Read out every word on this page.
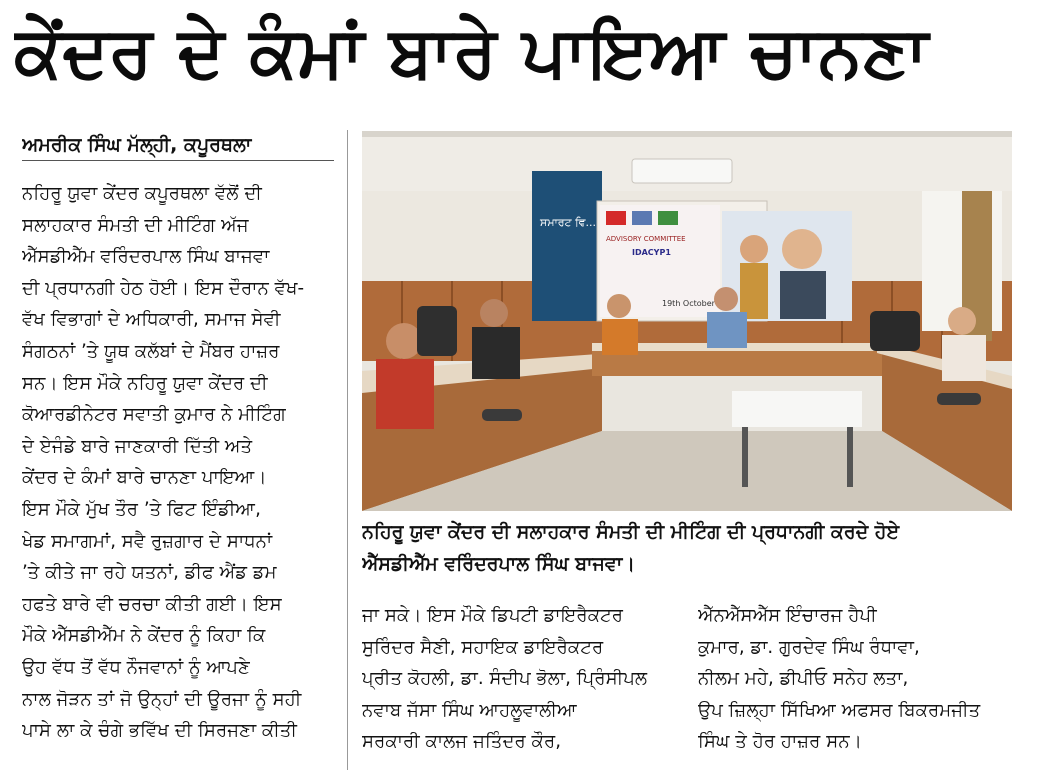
ਕੇਂਦਰ ਦੇ ਕੰਮਾਂ ਬਾਰੇ ਪਾਇਆ ਚਾਨਣਾ
ਅਮਰੀਕ ਸਿੰਘ ਮੱਲ੍ਹੀ, ਕਪੂਰਥਲਾ
ਨਹਿਰੂ ਯੁਵਾ ਕੇਂਦਰ ਕਪੂਰਥਲਾ ਵੱਲੋਂ ਦੀ
ਸਲਾਹਕਾਰ ਸੰਮਤੀ ਦੀ ਮੀਟਿੰਗ ਅੱਜ
ਐੱਸਡੀਐੱਮ ਵਰਿੰਦਰਪਾਲ ਸਿੰਘ ਬਾਜਵਾ
ਦੀ ਪ੍ਰਧਾਨਗੀ ਹੇਠ ਹੋਈ। ਇਸ ਦੌਰਾਨ ਵੱਖ-
ਵੱਖ ਵਿਭਾਗਾਂ ਦੇ ਅਧਿਕਾਰੀ, ਸਮਾਜ ਸੇਵੀ
ਸੰਗਠਨਾਂ ’ਤੇ ਯੂਥ ਕਲੱਬਾਂ ਦੇ ਮੈਂਬਰ ਹਾਜ਼ਰ
ਸਨ। ਇਸ ਮੌਕੇ ਨਹਿਰੂ ਯੁਵਾ ਕੇਂਦਰ ਦੀ
ਕੋਆਰਡੀਨੇਟਰ ਸਵਾਤੀ ਕੁਮਾਰ ਨੇ ਮੀਟਿੰਗ
ਦੇ ਏਜੰਡੇ ਬਾਰੇ ਜਾਣਕਾਰੀ ਦਿੱਤੀ ਅਤੇ
ਕੇਂਦਰ ਦੇ ਕੰਮਾਂ ਬਾਰੇ ਚਾਨਣਾ ਪਾਇਆ।
ਇਸ ਮੌਕੇ ਮੁੱਖ ਤੌਰ ’ਤੇ ਫਿਟ ਇੰਡੀਆ,
ਖੇਡ ਸਮਾਗਮਾਂ, ਸਵੈ ਰੁਜ਼ਗਾਰ ਦੇ ਸਾਧਨਾਂ
’ਤੇ ਕੀਤੇ ਜਾ ਰਹੇ ਯਤਨਾਂ, ਡੀਫ ਐਂਡ ਡਮ
ਹਫਤੇ ਬਾਰੇ ਵੀ ਚਰਚਾ ਕੀਤੀ ਗਈ। ਇਸ
ਮੌਕੇ ਐੱਸਡੀਐੱਮ ਨੇ ਕੇਂਦਰ ਨੂੰ ਕਿਹਾ ਕਿ
ਉਹ ਵੱਧ ਤੋਂ ਵੱਧ ਨੌਜਵਾਨਾਂ ਨੂੰ ਆਪਣੇ
ਨਾਲ ਜੋੜਨ ਤਾਂ ਜੋ ਉਨ੍ਹਾਂ ਦੀ ਊਰਜਾ ਨੂੰ ਸਹੀ
ਪਾਸੇ ਲਾ ਕੇ ਚੰਗੇ ਭਵਿੱਖ ਦੀ ਸਿਰਜਣਾ ਕੀਤੀ
ਸਮਾਰਟ ਵਿ...
ADVISORY COMMITTEE
IDACYP1
19th October
ਨਹਿਰੂ ਯੁਵਾ ਕੇਂਦਰ ਦੀ ਸਲਾਹਕਾਰ ਸੰਮਤੀ ਦੀ ਮੀਟਿੰਗ ਦੀ ਪ੍ਰਧਾਨਗੀ ਕਰਦੇ ਹੋਏ
ਐੱਸਡੀਐੱਮ ਵਰਿੰਦਰਪਾਲ ਸਿੰਘ ਬਾਜਵਾ।
ਜਾ ਸਕੇ। ਇਸ ਮੌਕੇ ਡਿਪਟੀ ਡਾਇਰੈਕਟਰ
ਸੁਰਿੰਦਰ ਸੈਣੀ, ਸਹਾਇਕ ਡਾਇਰੈਕਟਰ
ਪ੍ਰੀਤ ਕੋਹਲੀ, ਡਾ. ਸੰਦੀਪ ਭੋਲਾ, ਪ੍ਰਿੰਸੀਪਲ
ਨਵਾਬ ਜੱਸਾ ਸਿੰਘ ਆਹਲੂਵਾਲੀਆ
ਸਰਕਾਰੀ ਕਾਲਜ ਜਤਿੰਦਰ ਕੌਰ,
ਐੱਨਐੱਸਐੱਸ ਇੰਚਾਰਜ ਹੈਪੀ
ਕੁਮਾਰ, ਡਾ. ਗੁਰਦੇਵ ਸਿੰਘ ਰੰਧਾਵਾ,
ਨੀਲਮ ਮਹੇ, ਡੀਪੀਓ ਸਨੇਹ ਲਤਾ,
ਉਪ ਜ਼ਿਲ੍ਹਾ ਸਿੱਖਿਆ ਅਫਸਰ ਬਿਕਰਮਜੀਤ
ਸਿੰਘ ਤੇ ਹੋਰ ਹਾਜ਼ਰ ਸਨ।
